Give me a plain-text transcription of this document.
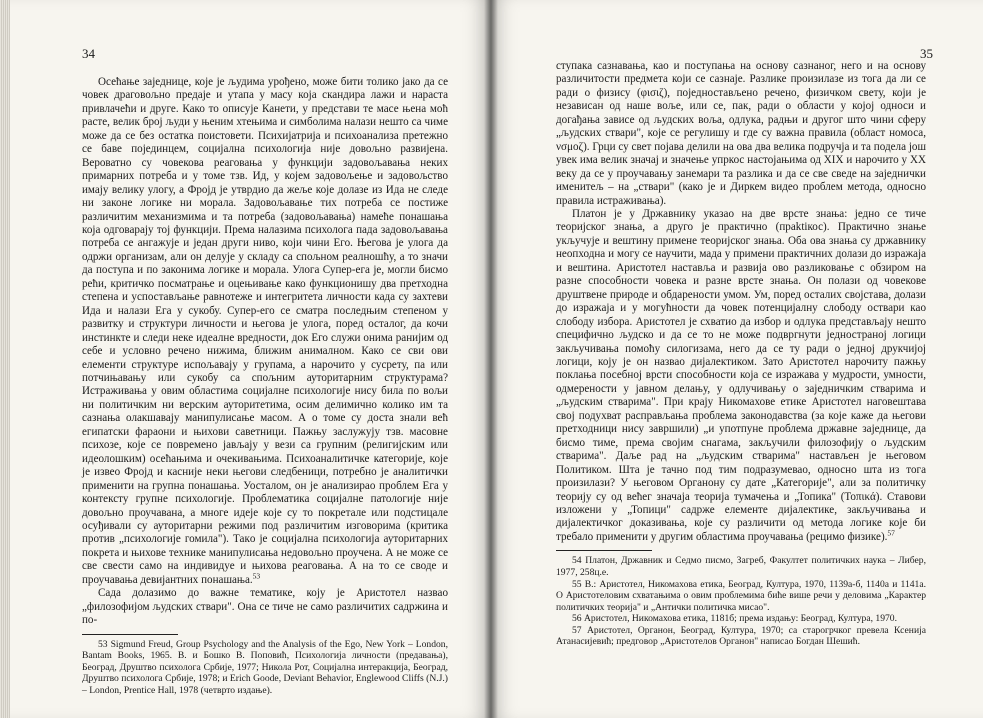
34

Осећање заједнице, које је људима урођено, може бити толико јако да се човек драговољно предаје и утапа у масу која скандира лажи и нараста привлачећи и друге. Како то описује Канети, у представи те масе њена моћ расте, велик број људи у њеним хтењима и симболима налази нешто са чиме може да се без остатка поистовети. Психијатрија и психоанализа претежно се баве појединцем, социјална психологија није довољно развијена. Вероватно су човекова реаговања у функцији задовољавања неких примарних потреба и у томе тзв. Ид, у којем задовољење и задовољство имају велику улогу, а Фројд је утврдио да жеље које долазе из Ида не следе ни законе логике ни морала. Задовољавање тих потреба се постиже различитим механизмима и та потреба (задовољавања) намеће понашања која одговарају тој функцији. Према налазима психолога пада задовољавања потреба се ангажује и један други ниво, који чини Его. Његова је улога да одржи организам, али он делује у складу са спољном реалношћу, а то значи да поступа и по законима логике и морала. Улога Супер-ега је, могли бисмо рећи, критичко посматрање и оцењивање како функционишу два претходна степена и успостављање равнотеже и интегритета личности када су захтеви Ида и налази Ега у сукобу. Супер-его се сматра последњим степеном у развитку и структури личности и његова је улога, поред осталог, да кочи инстинкте и следи неке идеалне вредности, док Его служи онима ранијим од себе и условно речено нижима, ближим анималном. Како се сви ови елементи структуре испољавају у групама, а нарочито у сусрету, па или потчињавању или сукобу са спољним ауторитарним структурама? Истраживања у овим областима социјалне психологије нису била по вољи ни политичким ни верским ауторитетима, осим делимично колико им та сазнања олакшавају манипулисање масом. А о томе су доста знали већ египатски фараони и њихови саветници. Пажњу заслужују тзв. масовне психозе, које се повремено јављају у вези са групним (религијским или идеолошким) осећањима и очекивањима. Психоаналитичке категорије, које је извео Фројд и касније неки његови следбеници, потребно је аналитички применити на групна понашања. Уосталом, он је анализирао проблем Ега у контексту групне психологије. Проблематика социјалне патологије није довољно проучавана, а многе идеје које су то покретале или подстицале осуђивали су ауторитарни режими под различитим изговорима (критика против „психологије гомила"). Такo је социјална психологија ауторитарних покрета и њихове технике манипулисања недовољно проучена. А не може се све свести само на индивидуе и њихова реаговања. А на то се своде и проучавања девијантних понашања.$^{53}$

Сада долазимо до важне тематике, коју је Аристотел назвао „филозофијом људских ствари". Она се тиче не само различитих садржина и по-

53 Sigmund Freud, Group Psychology and the Analysis of the Ego, New York – London, Bantam Books, 1965. В. и Бошко В. Поповић, Психологија личности (предавања), Београд, Друштво психолога Србије, 1977; Никола Рот, Социјална интеракција, Београд, Друштво психолога Србије, 1978; и Erich Goode, Deviant Behavior, Englewood Cliffs (N.J.) – London, Prentice Hall, 1978 (четврто издање).

35

ступака сазнавања, као и поступања на основу сазнаног, него и на основу различитости предмета који се сазнаје. Разлике произилазе из тога да ли се ради о физису (φισιζ), поједностављено речено, физичком свету, који је независан од наше воље, или се, пак, ради о области у којој односи и догађања зависе од људских воља, одлука, радњи и другог што чини сферу „људских ствари", које се регулишу и где су важна правила (област номоса, νσμοζ). Грци су свет појава делили на ова два велика подручја и та подела још увек има велик значај и значење упркос настојањима од XIX и нарочито у XX веку да се у проучавању занемари та разлика и да се све сведе на заједнички именитељ – на „ствари" (како је и Диркем видео проблем метода, односно правила истраживања).

Платон је у Државнику указао на две врсте знања: једно се тиче теоријског знања, а друго је практично (праktiкос). Практично знање укључује и вештину примене теоријског знања. Оба ова знања су државнику неопходна и могу се научити, мада у примени практичних долази до изражаја и вештина. Аристотел наставља и развија ово разликовање с обзиром на разне способности човека и разне врсте знања. Он полази од човекове друштвене природе и обдарености умом. Ум, поред осталих својстава, долази до изражаја и у могућности да човек потенцијалну слободу оствари као слободу избора. Аристотел је схватио да избор и одлука представљају нешто специфично људско и да се то не може подвргнути једностраној логици закључивања помоћу силогизама, него да се ту ради о једној друкчијој логици, коју је он назвао дијалектиком. Зато Аристотел нарочиту пажњу поклања посебној врсти способности која се изражава у мудрости, умности, одмерености у јавном делању, у одлучивању о заједничким стварима и „људским стварима". При крају Никомахове етике Аристотел наговештава свој подухват расправљања проблема законодавства (за које каже да његови претходници нису завршили) „и употпуне проблема државне заједнице, да бисмо тиме, према својим снагама, закључили филозофију о људским стварима". Даље рад на „људским стварима" настављен је његовом Политиком. Шта је тачно под тим подразумевао, односно шта из тога произилази? У његовом Органону су дате „Категорије", али за политичку теорију су од већег значаја теорија тумачења и „Топика" (Тоπικά). Ставови изложени у „Топици" садрже елементе дијалектике, закључивања и дијалектичког доказивања, које су различити од метода логике које би требало применити у другим областима проучавања (рецимо физике).$^{57}$

54 Платон, Државник и Седмо писмо, Загреб, Факултет политичких наука – Либер, 1977, 258ц.е.

55 В.: Аристотел, Никомахова етика, Београд, Култура, 1970, 1139а-б, 1140а и 1141а. О Аристотеловим схватањима о овим проблемима биће више речи у деловима „Карактер политичких теорија" и „Антички политичка мисао".

56 Аристотел, Никомахова етика, 1181б; према издању: Београд, Култура, 1970.

57 Аристотел, Органон, Београд, Култура, 1970; са старогрчког превела Ксенија Атанасијевић; предговор „Аристотелов Органон" написао Богдан Шешић.
